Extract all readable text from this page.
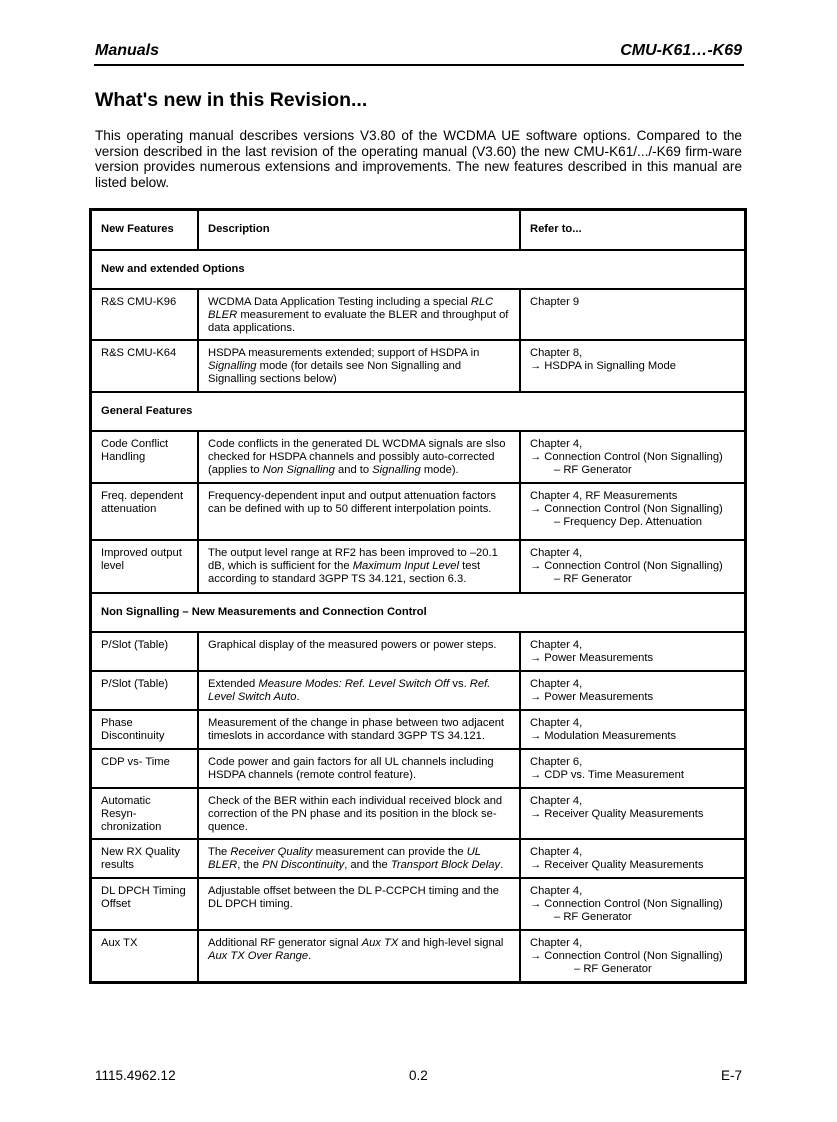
Manuals	CMU-K61…-K69
What's new in this Revision...

This operating manual describes versions V3.80 of the WCDMA UE software options. Compared to the version described in the last revision of the operating manual (V3.60) the new CMU-K61/.../-K69 firm-ware version provides numerous extensions and improvements. The new features described in this manual are listed below.

New Features	Description	Refer to...
New and extended Options		
R&S CMU-K96	WCDMA Data Application Testing including a special RLC BLER measurement to evaluate the BLER and throughput of data applications.	Chapter 9

R&S CMU-K64	HSDPA measurements extended; support of HSDPA in Signalling mode (for details see Non Signalling and Signalling sections below)	Chapter 8,
→ HSDPA in Signalling Mode

General Features		
Code Conflict Handling	Code conflicts in the generated DL WCDMA signals are slso checked for HSDPA channels and possibly auto-corrected (applies to Non Signalling and to Signalling mode).	Chapter 4,
→ Connection Control (Non Signalling)
– RF Generator

Freq. dependent attenuation	Frequency-dependent input and output attenuation factors can be defined with up to 50 different interpolation points.	Chapter 4, RF Measurements
→ Connection Control (Non Signalling)
– Frequency Dep. Attenuation

Improved output level	The output level range at RF2 has been improved to –20.1 dB, which is sufficient for the Maximum Input Level test according to standard 3GPP TS 34.121, section 6.3.	Chapter 4,
→ Connection Control (Non Signalling)
– RF Generator

Non Signalling – New Measurements and Connection Control		
P/Slot (Table)	Graphical display of the measured powers or power steps.	Chapter 4,
→ Power Measurements

P/Slot (Table)	Extended Measure Modes: Ref. Level Switch Off vs. Ref. Level Switch Auto.	Chapter 4,
→ Power Measurements

Phase Discontinuity	Measurement of the change in phase between two adjacent timeslots in accordance with standard 3GPP TS 34.121.	Chapter 4,
→ Modulation Measurements

CDP vs- Time	Code power and gain factors for all UL channels including HSDPA channels (remote control feature).	Chapter 6,
→ CDP vs. Time Measurement

Automatic Resyn-chronization	Check of the BER within each individual received block and correction of the PN phase and its position in the block se-quence.	Chapter 4,
→ Receiver Quality Measurements

New RX Quality results	The Receiver Quality measurement can provide the UL BLER, the PN Discontinuity, and the Transport Block Delay.	Chapter 4,
→ Receiver Quality Measurements

DL DPCH Timing Offset	Adjustable offset between the DL P-CCPCH timing and the DL DPCH timing.	Chapter 4,
→ Connection Control (Non Signalling)
– RF Generator

Aux TX	Additional RF generator signal Aux TX and high-level signal Aux TX Over Range.	Chapter 4,
→ Connection Control (Non Signalling)
– RF Generator
1115.4962.12	0.2	E-7
